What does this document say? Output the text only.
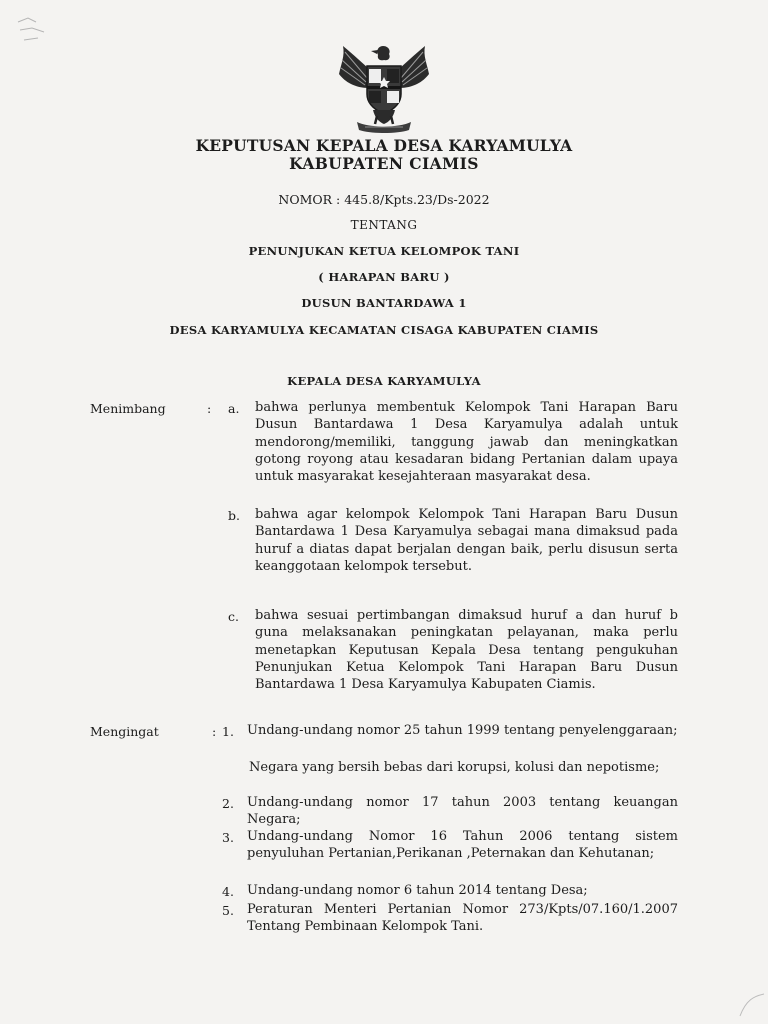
KEPUTUSAN KEPALA DESA KARYAMULYA
KABUPATEN CIAMIS
NOMOR : 445.8/Kpts.23/Ds-2022
TENTANG
PENUNJUKAN KETUA KELOMPOK TANI
( HARAPAN BARU )
DUSUN BANTARDAWA 1
DESA KARYAMULYA KECAMATAN CISAGA KABUPATEN CIAMIS
KEPALA DESA KARYAMULYA
Menimbang	: a. bahwa perlunya membentuk Kelompok Tani Harapan Baru Dusun Bantardawa 1 Desa Karyamulya adalah untuk mendorong/memiliki, tanggung jawab dan meningkatkan gotong royong atau kesadaran bidang Pertanian dalam upaya untuk masyarakat kesejahteraan masyarakat desa.
b. bahwa agar kelompok Kelompok Tani Harapan Baru Dusun Bantardawa 1 Desa Karyamulya sebagai mana dimaksud pada huruf a diatas dapat berjalan dengan baik, perlu disusun serta keanggotaan kelompok tersebut.
c. bahwa sesuai pertimbangan dimaksud huruf a dan huruf b guna melaksanakan peningkatan pelayanan, maka perlu menetapkan Keputusan Kepala Desa tentang pengukuhan Penunjukan Ketua Kelompok Tani Harapan Baru Dusun Bantardawa 1 Desa Karyamulya Kabupaten Ciamis.
Mengingat	: 1. Undang-undang nomor 25 tahun 1999 tentang penyelenggaraan;
Negara yang bersih bebas dari korupsi, kolusi dan nepotisme;
2. Undang-undang nomor 17 tahun 2003 tentang keuangan Negara;
3. Undang-undang Nomor 16 Tahun 2006 tentang sistem penyuluhan Pertanian,Perikanan ,Peternakan dan Kehutanan;
4. Undang-undang nomor 6 tahun 2014 tentang Desa;
5. Peraturan Menteri Pertanian Nomor 273/Kpts/07.160/1.2007 Tentang Pembinaan Kelompok Tani.
